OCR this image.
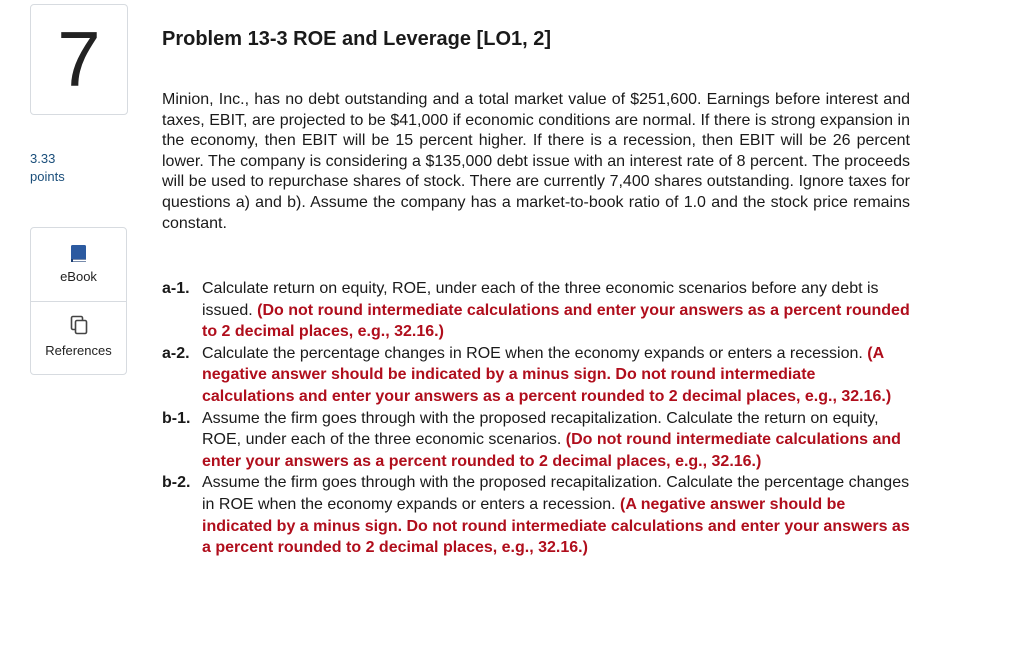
7
3.33
points
eBook
References
Problem 13-3 ROE and Leverage [LO1, 2]
Minion, Inc., has no debt outstanding and a total market value of $251,600. Earnings before interest and taxes, EBIT, are projected to be $41,000 if economic conditions are normal. If there is strong expansion in the economy, then EBIT will be 15 percent higher. If there is a recession, then EBIT will be 26 percent lower. The company is considering a $135,000 debt issue with an interest rate of 8 percent. The proceeds will be used to repurchase shares of stock. There are currently 7,400 shares outstanding. Ignore taxes for questions a) and b). Assume the company has a market-to-book ratio of 1.0 and the stock price remains constant.
a-1. Calculate return on equity, ROE, under each of the three economic scenarios before any debt is issued. (Do not round intermediate calculations and enter your answers as a percent rounded to 2 decimal places, e.g., 32.16.)
a-2. Calculate the percentage changes in ROE when the economy expands or enters a recession. (A negative answer should be indicated by a minus sign. Do not round intermediate calculations and enter your answers as a percent rounded to 2 decimal places, e.g., 32.16.)
b-1. Assume the firm goes through with the proposed recapitalization. Calculate the return on equity, ROE, under each of the three economic scenarios. (Do not round intermediate calculations and enter your answers as a percent rounded to 2 decimal places, e.g., 32.16.)
b-2. Assume the firm goes through with the proposed recapitalization. Calculate the percentage changes in ROE when the economy expands or enters a recession. (A negative answer should be indicated by a minus sign. Do not round intermediate calculations and enter your answers as a percent rounded to 2 decimal places, e.g., 32.16.)
